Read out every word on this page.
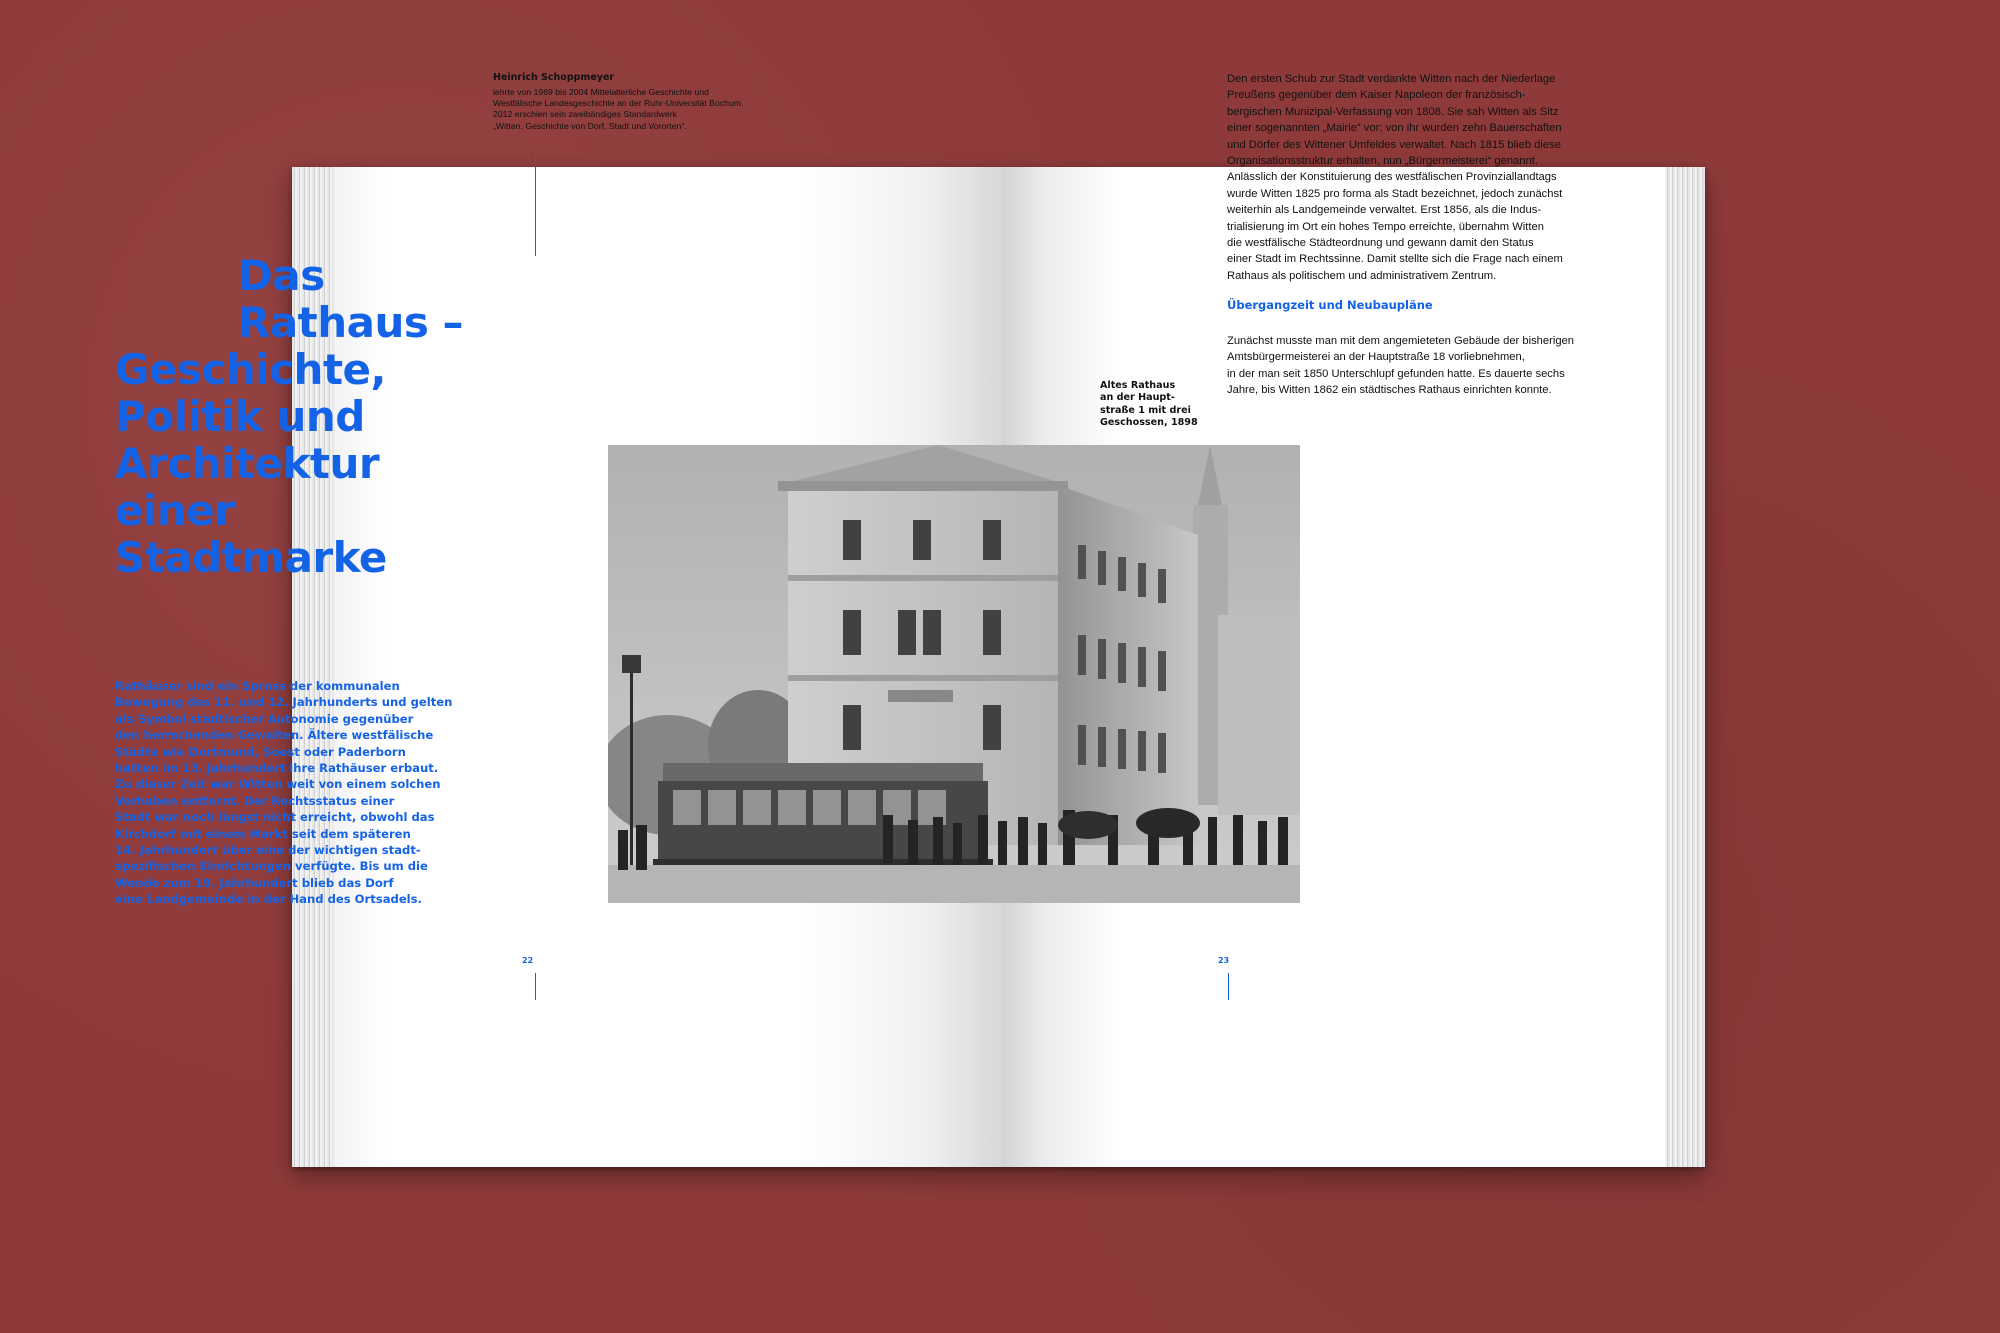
Heinrich Schoppmeyer
lehrte von 1969 bis 2004 Mittelalterliche Geschichte und
Westfälische Landesgeschichte an der Ruhr-Universität Bochum.
2012 erschien sein zweibändiges Standardwerk
„Witten. Geschichte von Dorf, Stadt und Vororten“.
Das
Rathaus –
Geschichte,
Politik und
Architektur
einer
Stadtmarke
Rathäuser sind ein Spross der kommunalen
Bewegung des 11. und 12. Jahrhunderts und gelten
als Symbol städtischer Autonomie gegenüber
den herrschenden Gewalten. Ältere westfälische
Städte wie Dortmund, Soest oder Paderborn
hatten im 13. Jahrhundert ihre Rathäuser erbaut.
Zu dieser Zeit war Witten weit von einem solchen
Vorhaben entfernt. Der Rechtsstatus einer
Stadt war noch längst nicht erreicht, obwohl das
Kirchdorf mit einem Markt seit dem späteren
14. Jahrhundert über eine der wichtigen stadt-
spezifischen Einrichtungen verfügte. Bis um die
Wende zum 19. Jahrhundert blieb das Dorf
eine Landgemeinde in der Hand des Ortsadels.
22
Den ersten Schub zur Stadt verdankte Witten nach der Niederlage
Preußens gegenüber dem Kaiser Napoleon der französisch-
bergischen Munizipal-Verfassung von 1808. Sie sah Witten als Sitz
einer sogenannten „Mairie“ vor; von ihr wurden zehn Bauerschaften
und Dörfer des Wittener Umfeldes verwaltet. Nach 1815 blieb diese
Organisationsstruktur erhalten, nun „Bürgermeisterei“ genannt.
Anlässlich der Konstituierung des westfälischen Provinziallandtags
wurde Witten 1825 pro forma als Stadt bezeichnet, jedoch zunächst
weiterhin als Landgemeinde verwaltet. Erst 1856, als die Indus-
trialisierung im Ort ein hohes Tempo erreichte, übernahm Witten
die westfälische Städteordnung und gewann damit den Status
einer Stadt im Rechtssinne. Damit stellte sich die Frage nach einem
Rathaus als politischem und administrativem Zentrum.
Übergangzeit und Neubaupläne
Zunächst musste man mit dem angemieteten Gebäude der bisherigen
Amtsbürgermeisterei an der Hauptstraße 18 vorliebnehmen,
in der man seit 1850 Unterschlupf gefunden hatte. Es dauerte sechs
Jahre, bis Witten 1862 ein städtisches Rathaus einrichten konnte.
Altes Rathaus
an der Haupt-
straße 1 mit drei
Geschossen, 1898
23
